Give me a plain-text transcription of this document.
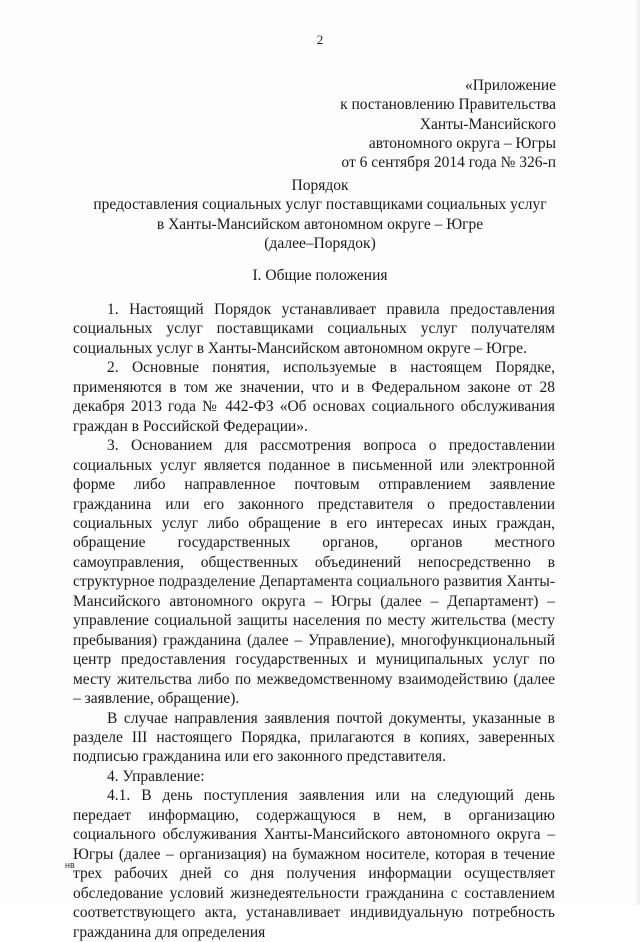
2
«Приложение
к постановлению Правительства
Ханты-Мансийского
автономного округа – Югры
от 6 сентября 2014 года № 326-п
Порядок
предоставления социальных услуг поставщиками социальных услуг
в Ханты-Мансийском автономном округе – Югре
(далее–Порядок)
I. Общие положения

1. Настоящий Порядок устанавливает правила предоставления социальных услуг поставщиками социальных услуг получателям социальных услуг в Ханты-Мансийском автономном округе – Югре.

2. Основные понятия, используемые в настоящем Порядке, применяются в том же значении, что и в Федеральном законе от 28 декабря 2013 года № 442-ФЗ «Об основах социального обслуживания граждан в Российской Федерации».

3. Основанием для рассмотрения вопроса о предоставлении социальных услуг является поданное в письменной или электронной форме либо направленное почтовым отправлением заявление гражданина или его законного представителя о предоставлении социальных услуг либо обращение в его интересах иных граждан, обращение государственных органов, органов местного самоуправления, общественных объединений непосредственно в структурное подразделение Департамента социального развития Ханты-Мансийского автономного округа – Югры (далее – Департамент) – управление социальной защиты населения по месту жительства (месту пребывания) гражданина (далее – Управление), многофункциональный центр предоставления государственных и муниципальных услуг по месту жительства либо по межведомственному взаимодействию (далее – заявление, обращение).

В случае направления заявления почтой документы, указанные в разделе III настоящего Порядка, прилагаются в копиях, заверенных подписью гражданина или его законного представителя.

4. Управление:

4.1. В день поступления заявления или на следующий день передает информацию, содержащуюся в нем, в организацию социального обслуживания Ханты-Мансийского автономного округа – Югры (далее – организация) на бумажном носителе, которая в течение трех рабочих дней со дня получения информации осуществляет обследование условий жизнедеятельности гражданина с составлением соответствующего акта, устанавливает индивидуальную потребность гражданина для определения

нв
